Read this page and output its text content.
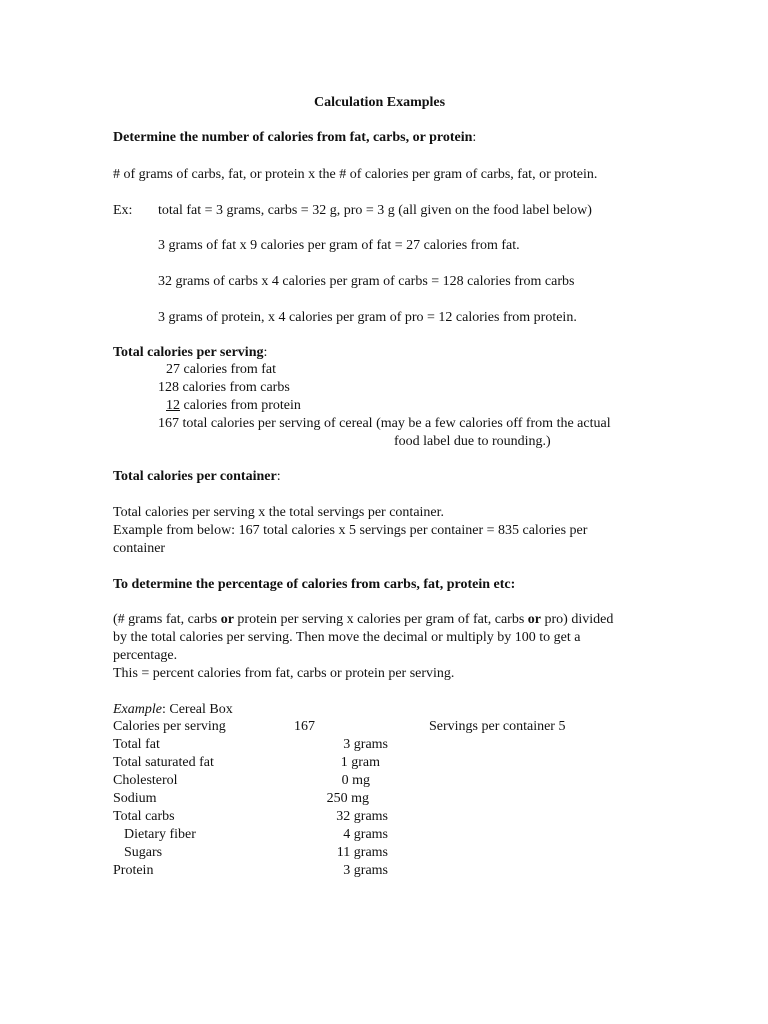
Calculation Examples
Determine the number of calories from fat, carbs, or protein:
# of grams of carbs, fat, or protein x the # of calories per gram of carbs, fat, or protein.
Ex: total fat = 3 grams, carbs = 32 g, pro = 3 g (all given on the food label below)
3 grams of fat x 9 calories per gram of fat = 27 calories from fat.
32 grams of carbs x 4 calories per gram of carbs = 128 calories from carbs
3 grams of protein, x 4 calories per gram of pro = 12 calories from protein.
Total calories per serving:
27 calories from fat
128 calories from carbs
12 calories from protein
167 total calories per serving of cereal (may be a few calories off from the actual
food label due to rounding.)
Total calories per container:
Total calories per serving x the total servings per container.
Example from below: 167 total calories x 5 servings per container = 835 calories per
container
To determine the percentage of calories from carbs, fat, protein etc:
(# grams fat, carbs or protein per serving x calories per gram of fat, carbs or pro) divided
by the total calories per serving. Then move the decimal or multiply by 100 to get a
percentage.
This = percent calories from fat, carbs or protein per serving.
Example: Cereal Box
Calories per serving	167	Servings per container 5
Total fat	3 grams
Total saturated fat	1 gram
Cholesterol	0 mg
Sodium	250 mg
Total carbs	32 grams
Dietary fiber	4 grams
Sugars	11 grams
Protein	3 grams
